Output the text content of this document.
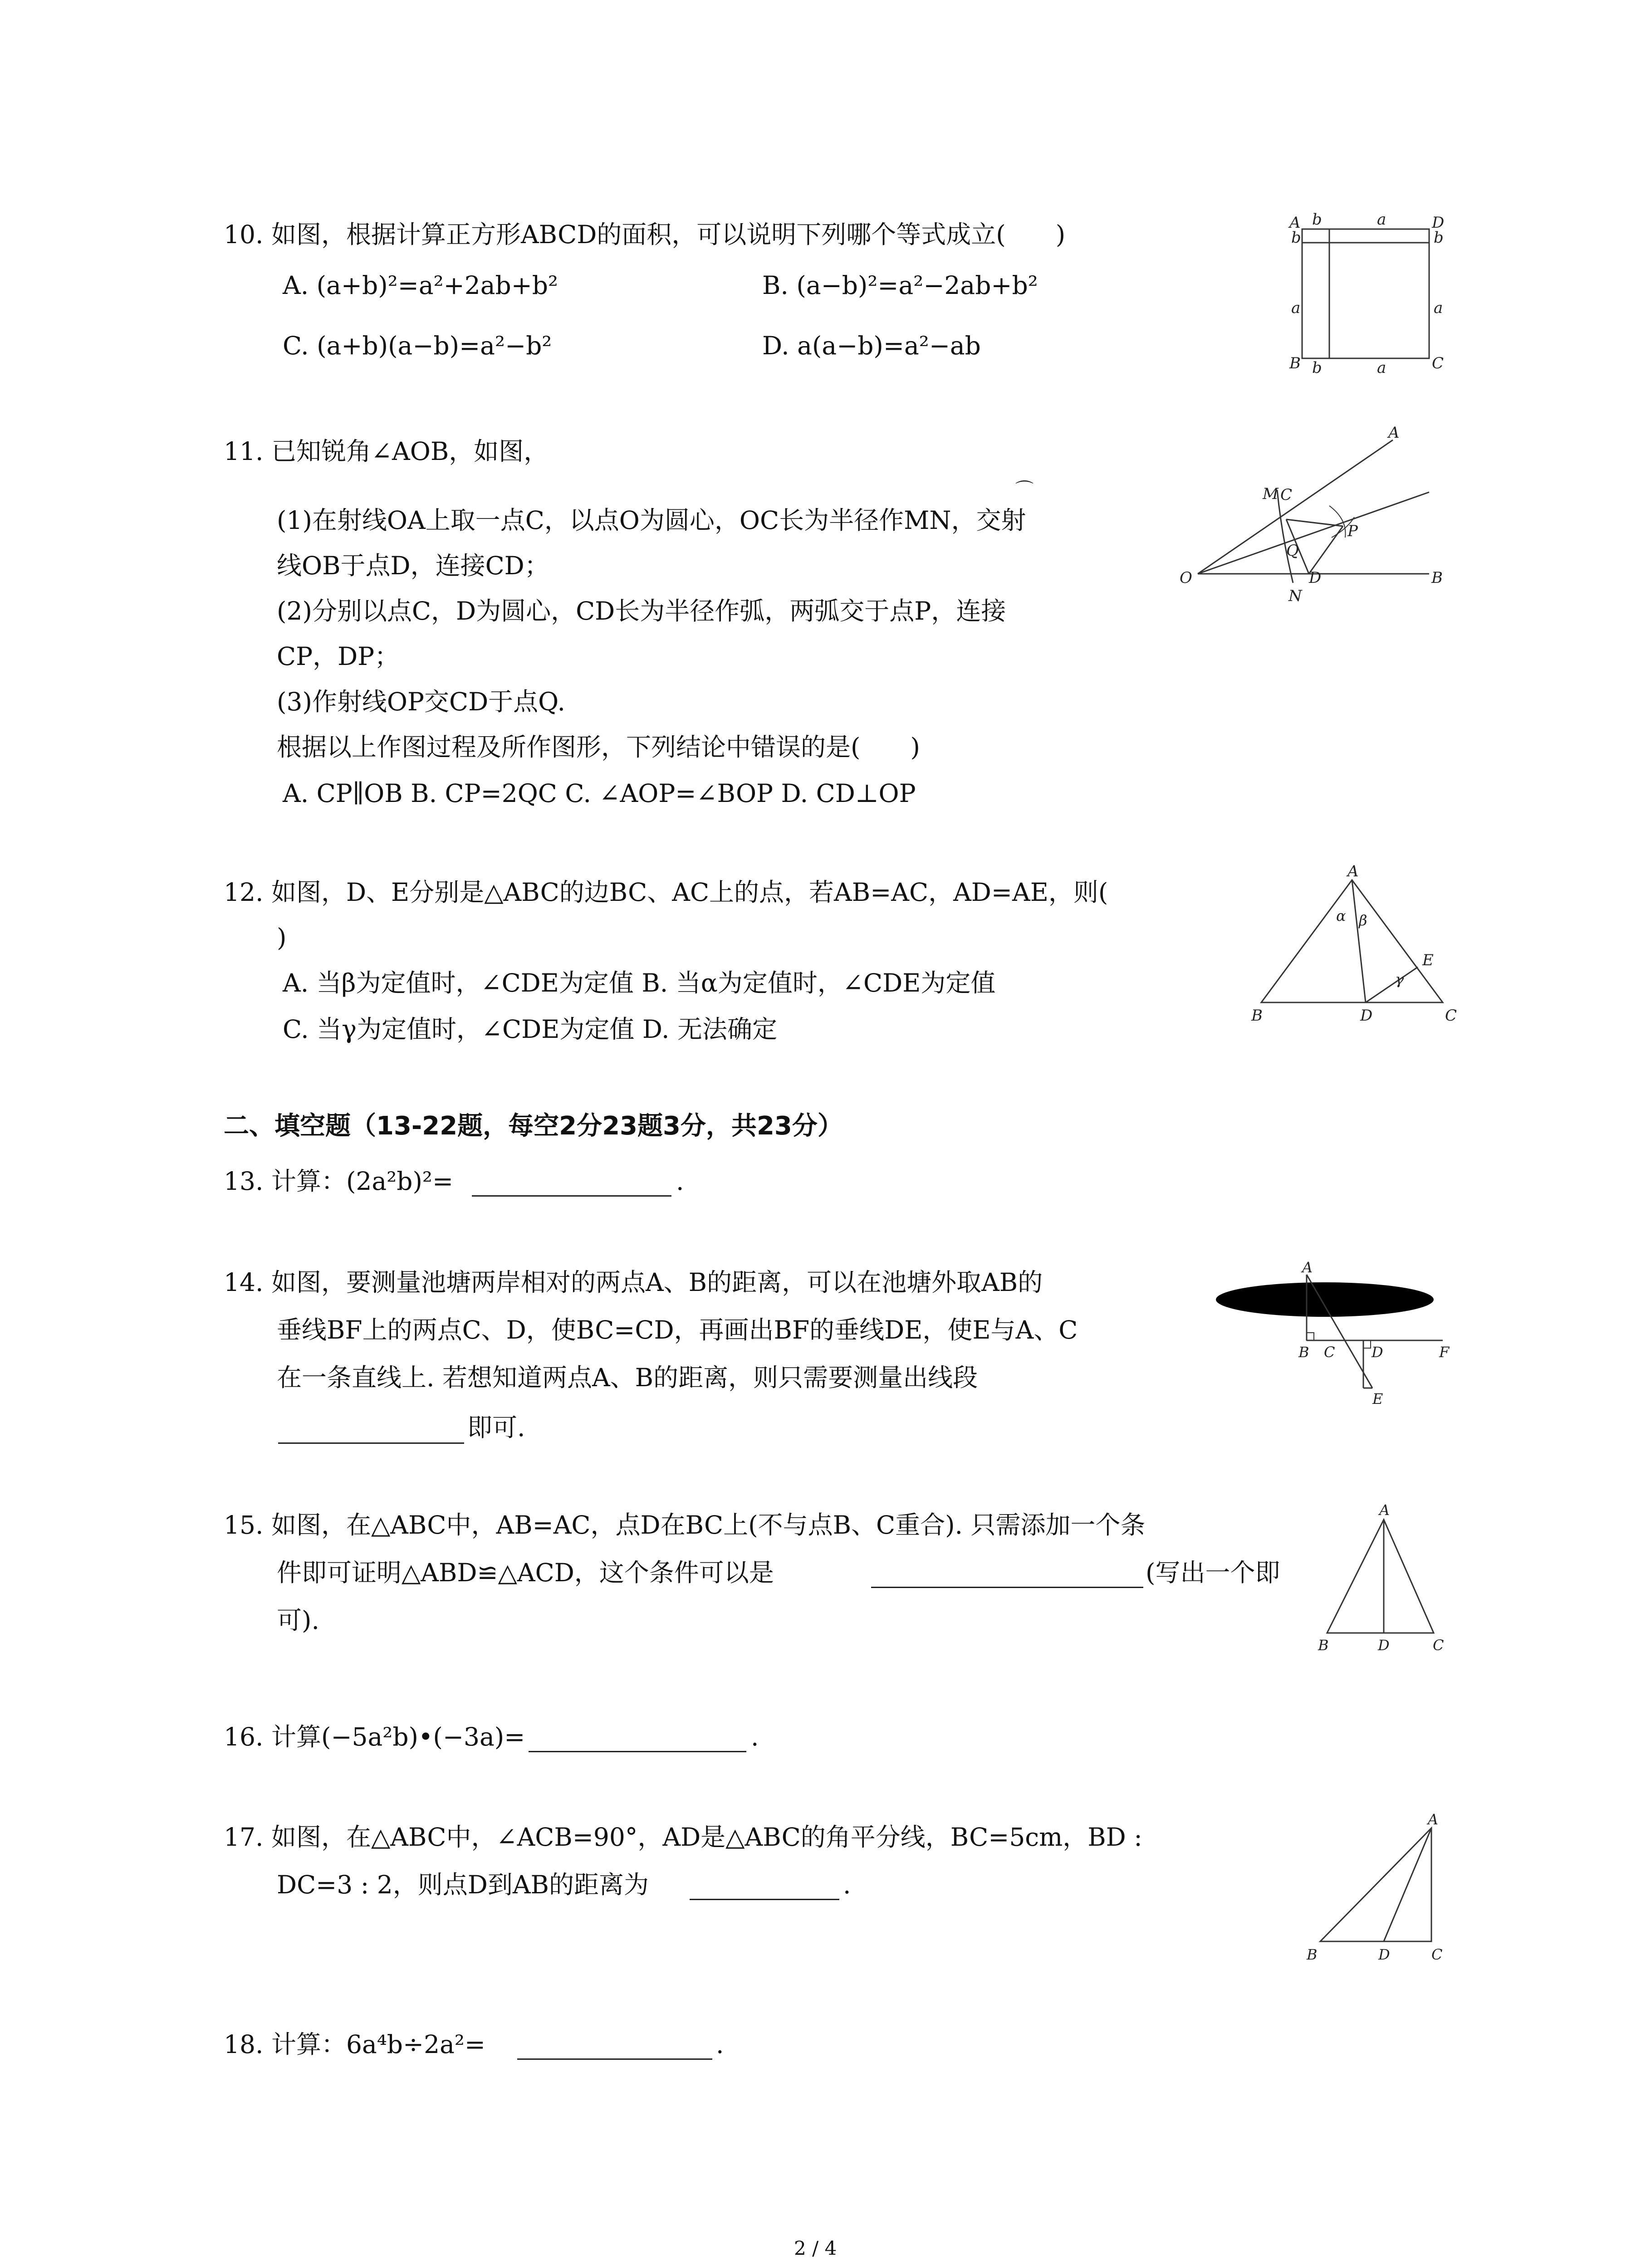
10. 如图，根据计算正方形ABCD的面积，可以说明下列哪个等式成立(　　)
A. (a+b)²=a²+2ab+b²	B. (a−b)²=a²−2ab+b²
C. (a+b)(a−b)=a²−b²	D. a(a−b)=a²−ab
A b	a	D
b	b
a	a
B b	a	C
11. 已知锐角∠AOB，如图，
(1)在射线OA上取一点C，以点O为圆心，OC长为半径作MN，交射
⌒
线OB于点D，连接CD；
(2)分别以点C，D为圆心，CD长为半径作弧，两弧交于点P，连接
CP，DP；
(3)作射线OP交CD于点Q.
根据以上作图过程及所作图形，下列结论中错误的是(　　)
A. CP∥OB B. CP=2QC C. ∠AOP=∠BOP D. CD⊥OP
A
M C
P
Q
O	D	B
N
12. 如图，D、E分别是△ABC的边BC、AC上的点，若AB=AC，AD=AE，则(
)
A. 当β为定值时，∠CDE为定值 B. 当α为定值时，∠CDE为定值
C. 当γ为定值时，∠CDE为定值 D. 无法确定
A
α β
γ
E
B	D	C
二、填空题（13-22题，每空2分23题3分，共23分）
13. 计算：(2a²b)²=	.
14. 如图，要测量池塘两岸相对的两点A、B的距离，可以在池塘外取AB的
垂线BF上的两点C、D，使BC=CD，再画出BF的垂线DE，使E与A、C
在一条直线上. 若想知道两点A、B的距离，则只需要测量出线段
即可.
A
B C	D	F
E
15. 如图，在△ABC中，AB=AC，点D在BC上(不与点B、C重合). 只需添加一个条
件即可证明△ABD≌△ACD，这个条件可以是	(写出一个即
可).
A
B	D	C
16. 计算(−5a²b)•(−3a)=	.
17. 如图，在△ABC中，∠ACB=90°，AD是△ABC的角平分线，BC=5cm，BD :
DC=3 : 2，则点D到AB的距离为	.
A
B	D	C
18. 计算：6a⁴b÷2a²=	.
2 / 4
